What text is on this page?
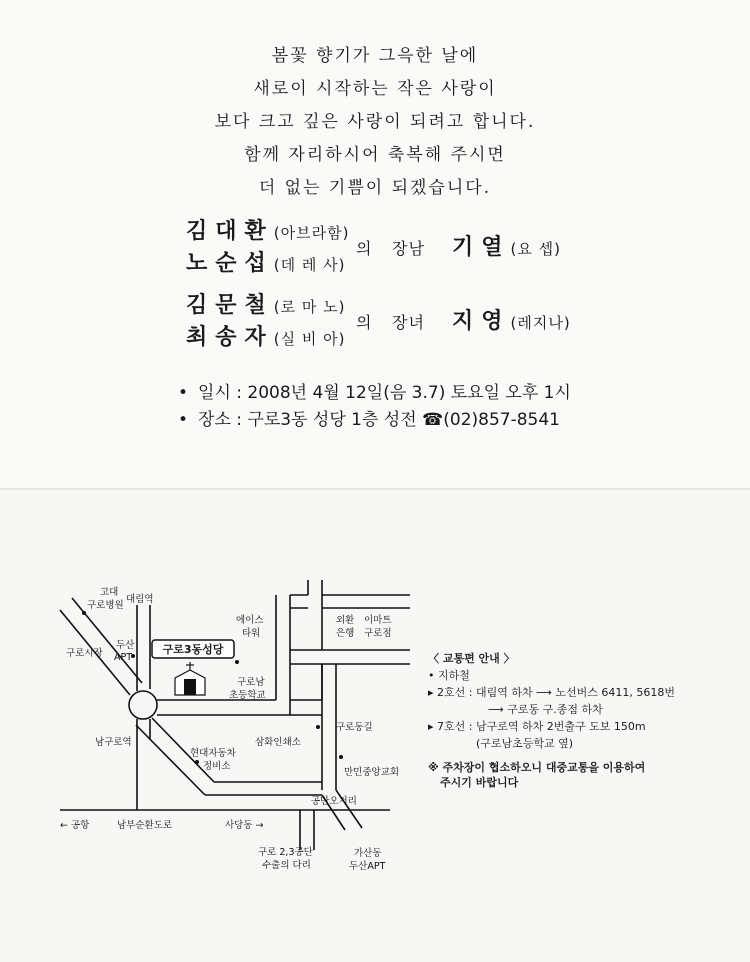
봄꽃 향기가 그윽한 날에
새로이 시작하는 작은 사랑이
보다 크고 깊은 사랑이 되려고 합니다.
함께 자리하시어 축복해 주시면
더 없는 기쁨이 되겠습니다.
김대환(아브라함)
노순섭(데 레 사)
의 장남 기열(요 셉)
김문철(로 마 노)
최송자(실 비 아)
의 장녀 지영(레지나)
• 일시 : 2008년 4월 12일(음 3.7) 토요일 오후 1시
• 장소 : 구로3동 성당 1층 성전 ☎(02)857-8541
구로3동성당
고대
구로병원
대림역
구로시장
두산
APT
에이스
타워
외환
은행
이마트
구로점
구로남
초등학교
남구로역
현대자동차
정비소
삼화인쇄소
구로동길
만민중앙교회
공단오거리
← 공항	남부순환도로	사당동 →
구로 2,3공단
수출의 다리
가산동
두산APT
〈 교통편 안내 〉
• 지하철
▸ 2호선 : 대림역 하차 ⟶ 노선버스 6411, 5618번
⟶ 구로동 구.종점 하차
▸ 7호선 : 남구로역 하차 2번출구 도보 150m
(구로남초등학교 옆)
※ 주차장이 협소하오니 대중교통을 이용하여
주시기 바랍니다
